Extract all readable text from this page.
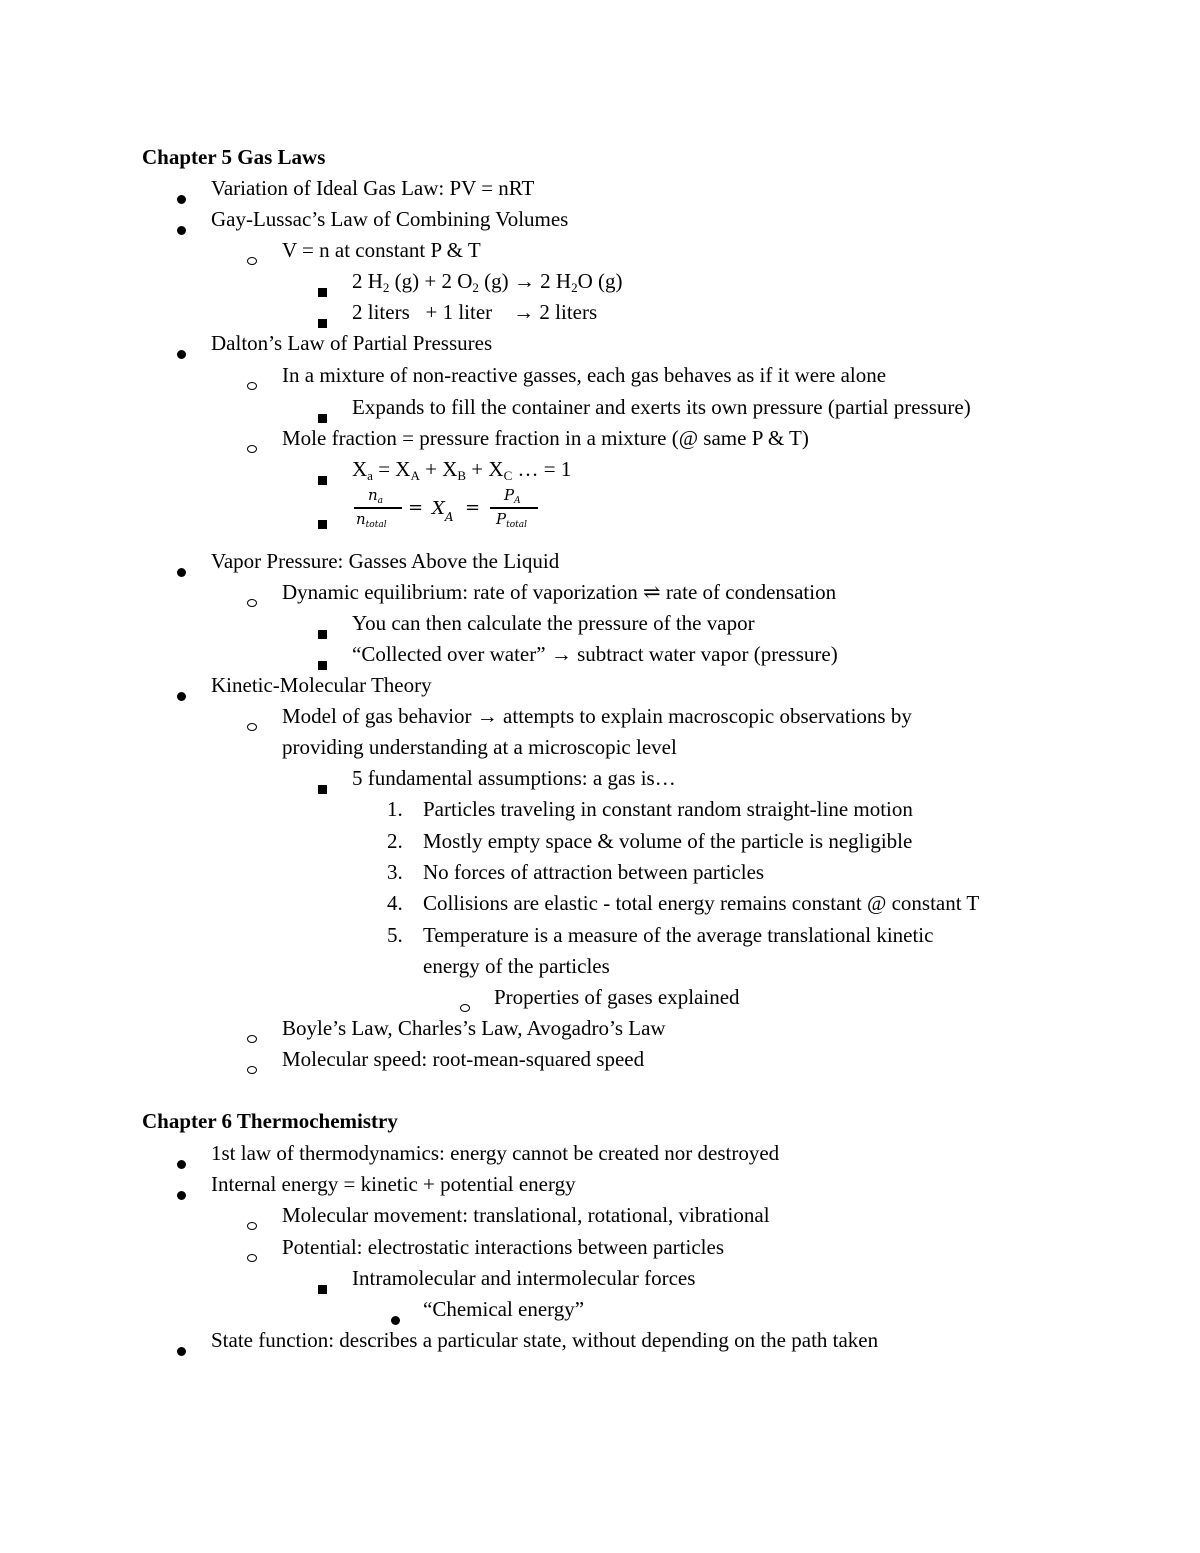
Chapter 5 Gas Laws
Variation of Ideal Gas Law: PV = nRT
Gay-Lussac’s Law of Combining Volumes
V = n at constant P & T
2 $H_2$ (g) + 2 $O_2$ (g) → 2 $H_2O$ (g)
2 liters   + 1 liter    → 2 liters
Dalton’s Law of Partial Pressures
In a mixture of non-reactive gasses, each gas behaves as if it were alone
Expands to fill the container and exerts its own pressure (partial pressure)
Mole fraction = pressure fraction in a mixture (@ same P & T)
$X_a = X_A + X_B + X_C$ … = 1
$n_a$
$n_{total}$
= $X_A$ =
$P_A$
$P_{total}$
Vapor Pressure: Gasses Above the Liquid
Dynamic equilibrium: rate of vaporization ⇌ rate of condensation
You can then calculate the pressure of the vapor
“Collected over water” → subtract water vapor (pressure)
Kinetic-Molecular Theory
Model of gas behavior → attempts to explain macroscopic observations by
providing understanding at a microscopic level
5 fundamental assumptions: a gas is…
1. Particles traveling in constant random straight-line motion
2. Mostly empty space & volume of the particle is negligible
3. No forces of attraction between particles
4. Collisions are elastic - total energy remains constant @ constant T
5. Temperature is a measure of the average translational kinetic
energy of the particles
Properties of gases explained
Boyle’s Law, Charles’s Law, Avogadro’s Law
Molecular speed: root-mean-squared speed
Chapter 6 Thermochemistry
1st law of thermodynamics: energy cannot be created nor destroyed
Internal energy = kinetic + potential energy
Molecular movement: translational, rotational, vibrational
Potential: electrostatic interactions between particles
Intramolecular and intermolecular forces
“Chemical energy”
State function: describes a particular state, without depending on the path taken
